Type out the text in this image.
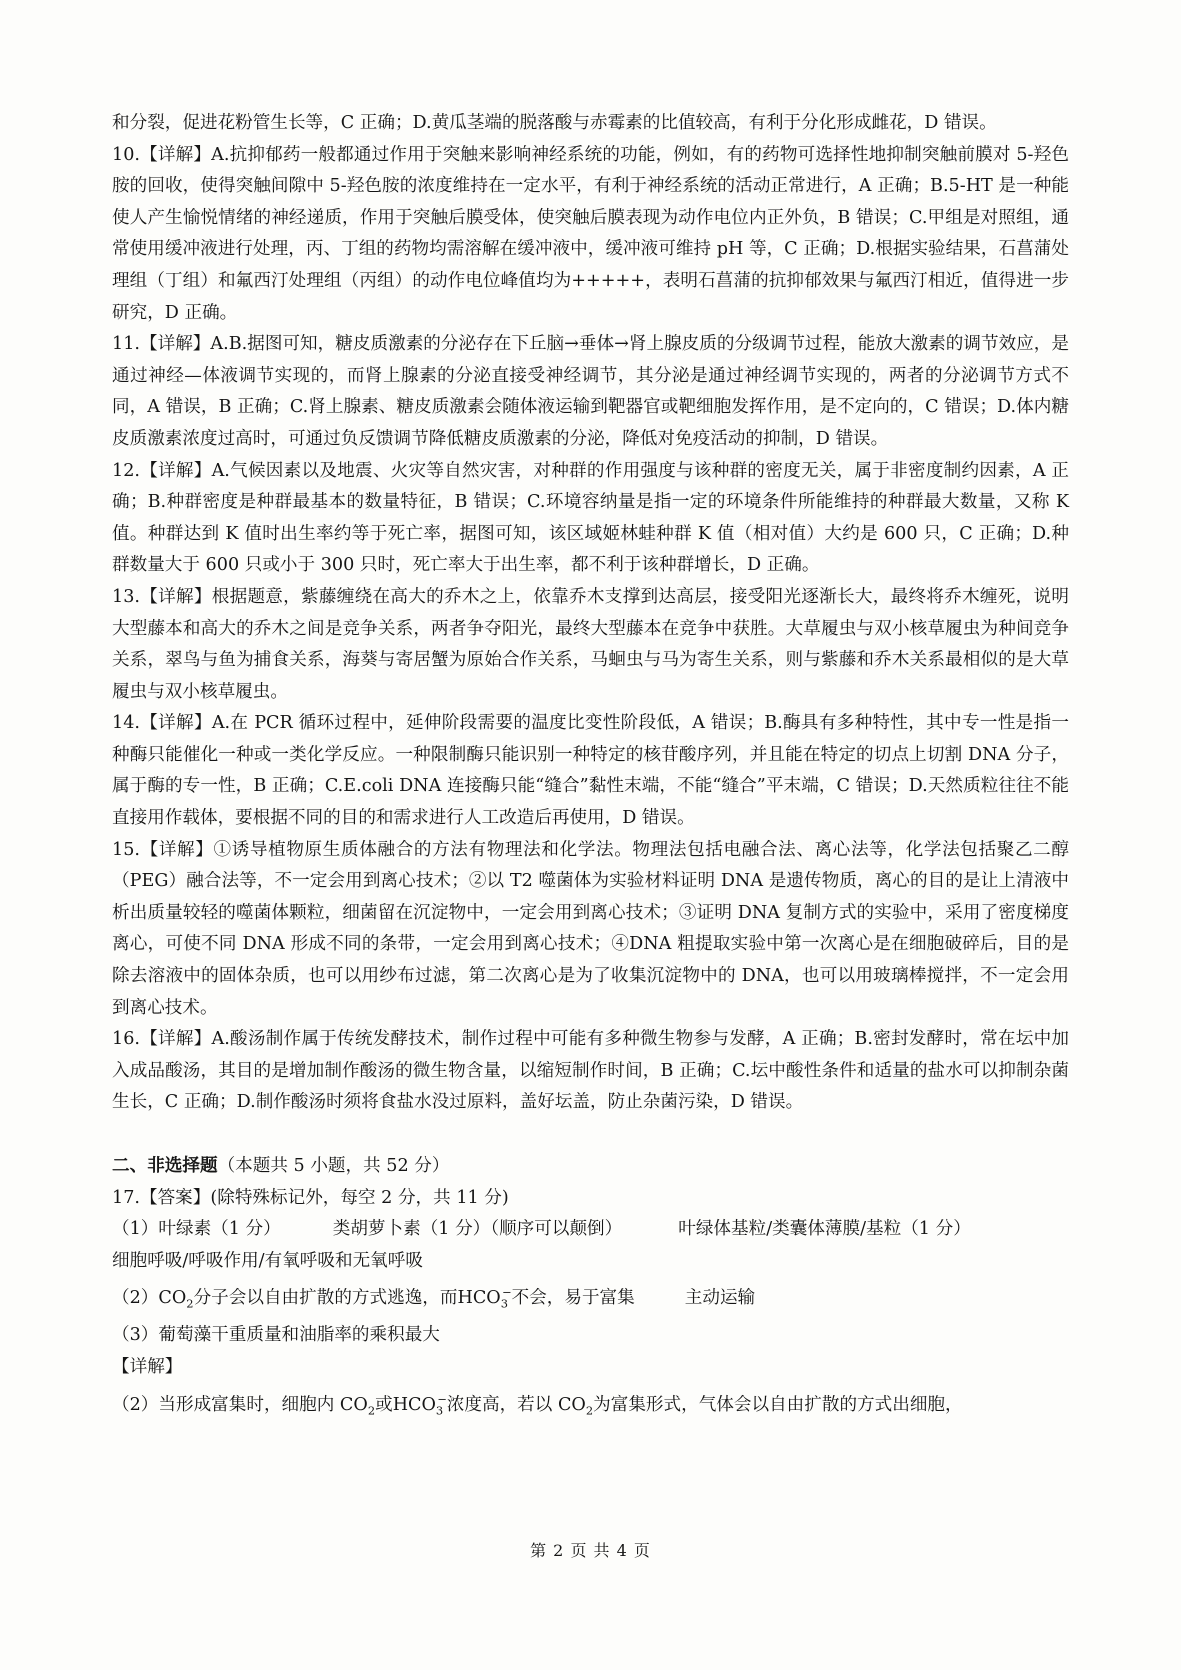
和分裂，促进花粉管生长等，C 正确；D.黄瓜茎端的脱落酸与赤霉素的比值较高，有利于分化形成雌花，D 错误。

10.【详解】A.抗抑郁药一般都通过作用于突触来影响神经系统的功能，例如，有的药物可选择性地抑制突触前膜对 5-羟色胺的回收，使得突触间隙中 5-羟色胺的浓度维持在一定水平，有利于神经系统的活动正常进行，A 正确；B.5-HT 是一种能使人产生愉悦情绪的神经递质，作用于突触后膜受体，使突触后膜表现为动作电位内正外负，B 错误；C.甲组是对照组，通常使用缓冲液进行处理，丙、丁组的药物均需溶解在缓冲液中，缓冲液可维持 pH 等，C 正确；D.根据实验结果，石菖蒲处理组（丁组）和氟西汀处理组（丙组）的动作电位峰值均为+++++，表明石菖蒲的抗抑郁效果与氟西汀相近，值得进一步研究，D 正确。

11.【详解】A.B.据图可知，糖皮质激素的分泌存在下丘脑→垂体→肾上腺皮质的分级调节过程，能放大激素的调节效应，是通过神经—体液调节实现的，而肾上腺素的分泌直接受神经调节，其分泌是通过神经调节实现的，两者的分泌调节方式不同，A 错误，B 正确；C.肾上腺素、糖皮质激素会随体液运输到靶器官或靶细胞发挥作用，是不定向的，C 错误；D.体内糖皮质激素浓度过高时，可通过负反馈调节降低糖皮质激素的分泌，降低对免疫活动的抑制，D 错误。

12.【详解】A.气候因素以及地震、火灾等自然灾害，对种群的作用强度与该种群的密度无关，属于非密度制约因素，A 正确；B.种群密度是种群最基本的数量特征，B 错误；C.环境容纳量是指一定的环境条件所能维持的种群最大数量，又称 K 值。种群达到 K 值时出生率约等于死亡率，据图可知，该区域姬林蛙种群 K 值（相对值）大约是 600 只，C 正确；D.种群数量大于 600 只或小于 300 只时，死亡率大于出生率，都不利于该种群增长，D 正确。

13.【详解】根据题意，紫藤缠绕在高大的乔木之上，依靠乔木支撑到达高层，接受阳光逐渐长大，最终将乔木缠死，说明大型藤本和高大的乔木之间是竞争关系，两者争夺阳光，最终大型藤本在竞争中获胜。大草履虫与双小核草履虫为种间竞争关系，翠鸟与鱼为捕食关系，海葵与寄居蟹为原始合作关系，马蛔虫与马为寄生关系，则与紫藤和乔木关系最相似的是大草履虫与双小核草履虫。

14.【详解】A.在 PCR 循环过程中，延伸阶段需要的温度比变性阶段低，A 错误；B.酶具有多种特性，其中专一性是指一种酶只能催化一种或一类化学反应。一种限制酶只能识别一种特定的核苷酸序列，并且能在特定的切点上切割 DNA 分子，属于酶的专一性，B 正确；C.E.coli DNA 连接酶只能“缝合”黏性末端，不能“缝合”平末端，C 错误；D.天然质粒往往不能直接用作载体，要根据不同的目的和需求进行人工改造后再使用，D 错误。

15.【详解】①诱导植物原生质体融合的方法有物理法和化学法。物理法包括电融合法、离心法等，化学法包括聚乙二醇（PEG）融合法等，不一定会用到离心技术；②以 T2 噬菌体为实验材料证明 DNA 是遗传物质，离心的目的是让上清液中析出质量较轻的噬菌体颗粒，细菌留在沉淀物中，一定会用到离心技术；③证明 DNA 复制方式的实验中，采用了密度梯度离心，可使不同 DNA 形成不同的条带，一定会用到离心技术；④DNA 粗提取实验中第一次离心是在细胞破碎后，目的是除去溶液中的固体杂质，也可以用纱布过滤，第二次离心是为了收集沉淀物中的 DNA，也可以用玻璃棒搅拌，不一定会用到离心技术。

16.【详解】A.酸汤制作属于传统发酵技术，制作过程中可能有多种微生物参与发酵，A 正确；B.密封发酵时，常在坛中加入成品酸汤，其目的是增加制作酸汤的微生物含量，以缩短制作时间，B 正确；C.坛中酸性条件和适量的盐水可以抑制杂菌生长，C 正确；D.制作酸汤时须将食盐水没过原料，盖好坛盖，防止杂菌污染，D 错误。

二、非选择题（本题共 5 小题，共 52 分）

17.【答案】(除特殊标记外，每空 2 分，共 11 分)

（1）叶绿素（1 分）	类胡萝卜素（1 分）（顺序可以颠倒）	叶绿体基粒/类囊体薄膜/基粒（1 分）

细胞呼吸/呼吸作用/有氧呼吸和无氧呼吸

$(2)CO_2$分子会以自由扩散的方式逃逸，而$HCO_3^-$不会，易于富集	主动运输

（3）葡萄藻干重质量和油脂率的乘积最大

【详解】

（2）当形成富集时，细胞内 $CO_2$或$HCO_3^-$浓度高，若以 $CO_2$为富集形式，气体会以自由扩散的方式出细胞，

第 2 页 共 4 页
